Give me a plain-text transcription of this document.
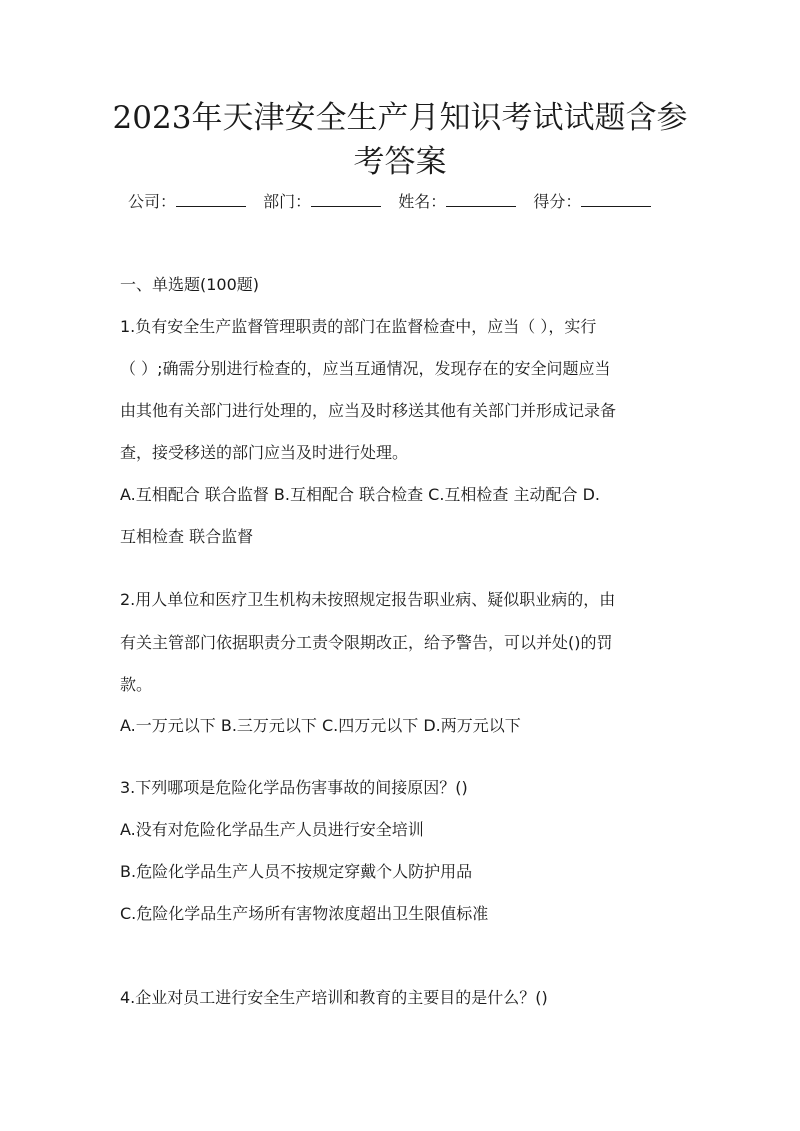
2023年天津安全生产月知识考试试题含参
考答案
公司：	部门：	姓名：	得分：

一、单选题(100题)

1.负有安全生产监督管理职责的部门在监督检查中，应当（ ），实行

（ ）;确需分别进行检查的，应当互通情况，发现存在的安全问题应当

由其他有关部门进行处理的，应当及时移送其他有关部门并形成记录备

查，接受移送的部门应当及时进行处理。

A.互相配合 联合监督 B.互相配合 联合检查 C.互相检查 主动配合 D.

互相检查 联合监督

2.用人单位和医疗卫生机构未按照规定报告职业病、疑似职业病的，由

有关主管部门依据职责分工责令限期改正，给予警告，可以并处()的罚

款。

A.一万元以下 B.三万元以下 C.四万元以下 D.两万元以下

3.下列哪项是危险化学品伤害事故的间接原因？()

A.没有对危险化学品生产人员进行安全培训

B.危险化学品生产人员不按规定穿戴个人防护用品

C.危险化学品生产场所有害物浓度超出卫生限值标准

4.企业对员工进行安全生产培训和教育的主要目的是什么？()
